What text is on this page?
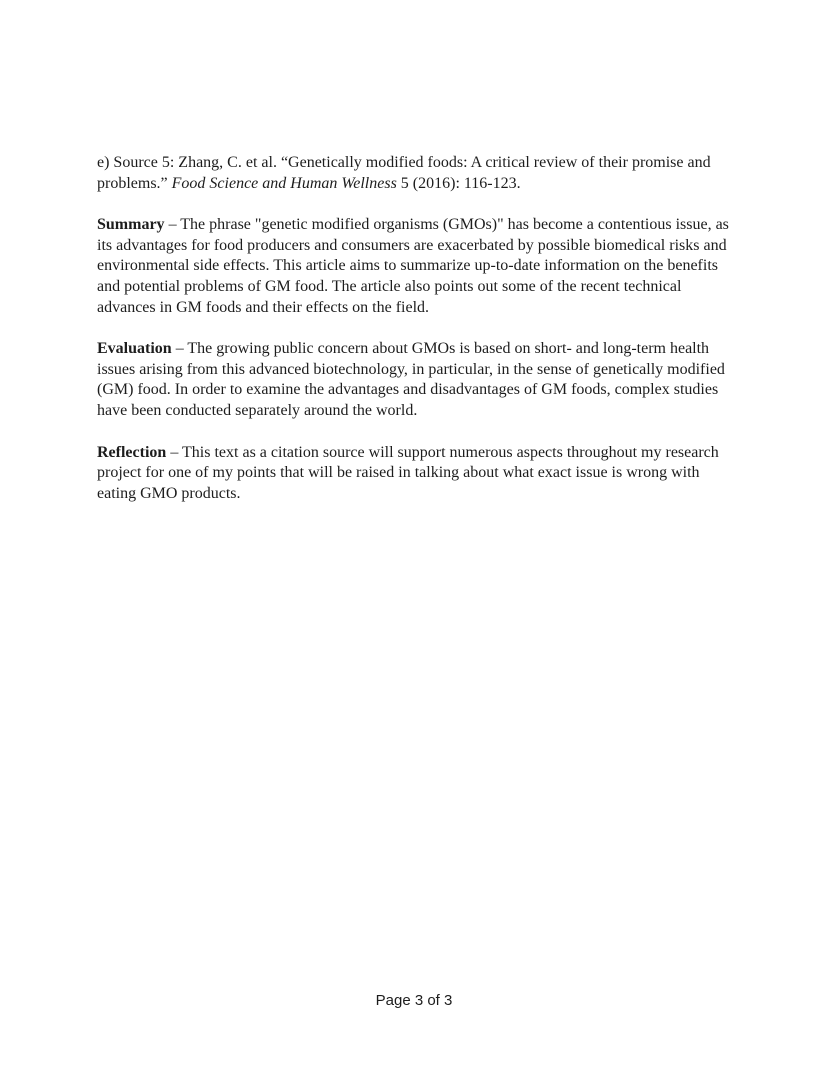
e) Source 5: Zhang, C. et al. “Genetically modified foods: A critical review of their promise and problems.” Food Science and Human Wellness 5 (2016): 116-123.

Summary – The phrase "genetic modified organisms (GMOs)" has become a contentious issue, as its advantages for food producers and consumers are exacerbated by possible biomedical risks and environmental side effects. This article aims to summarize up-to-date information on the benefits and potential problems of GM food. The article also points out some of the recent technical advances in GM foods and their effects on the field.

Evaluation – The growing public concern about GMOs is based on short- and long-term health issues arising from this advanced biotechnology, in particular, in the sense of genetically modified (GM) food. In order to examine the advantages and disadvantages of GM foods, complex studies have been conducted separately around the world.

Reflection – This text as a citation source will support numerous aspects throughout my research project for one of my points that will be raised in talking about what exact issue is wrong with eating GMO products.

Page 3 of 3
